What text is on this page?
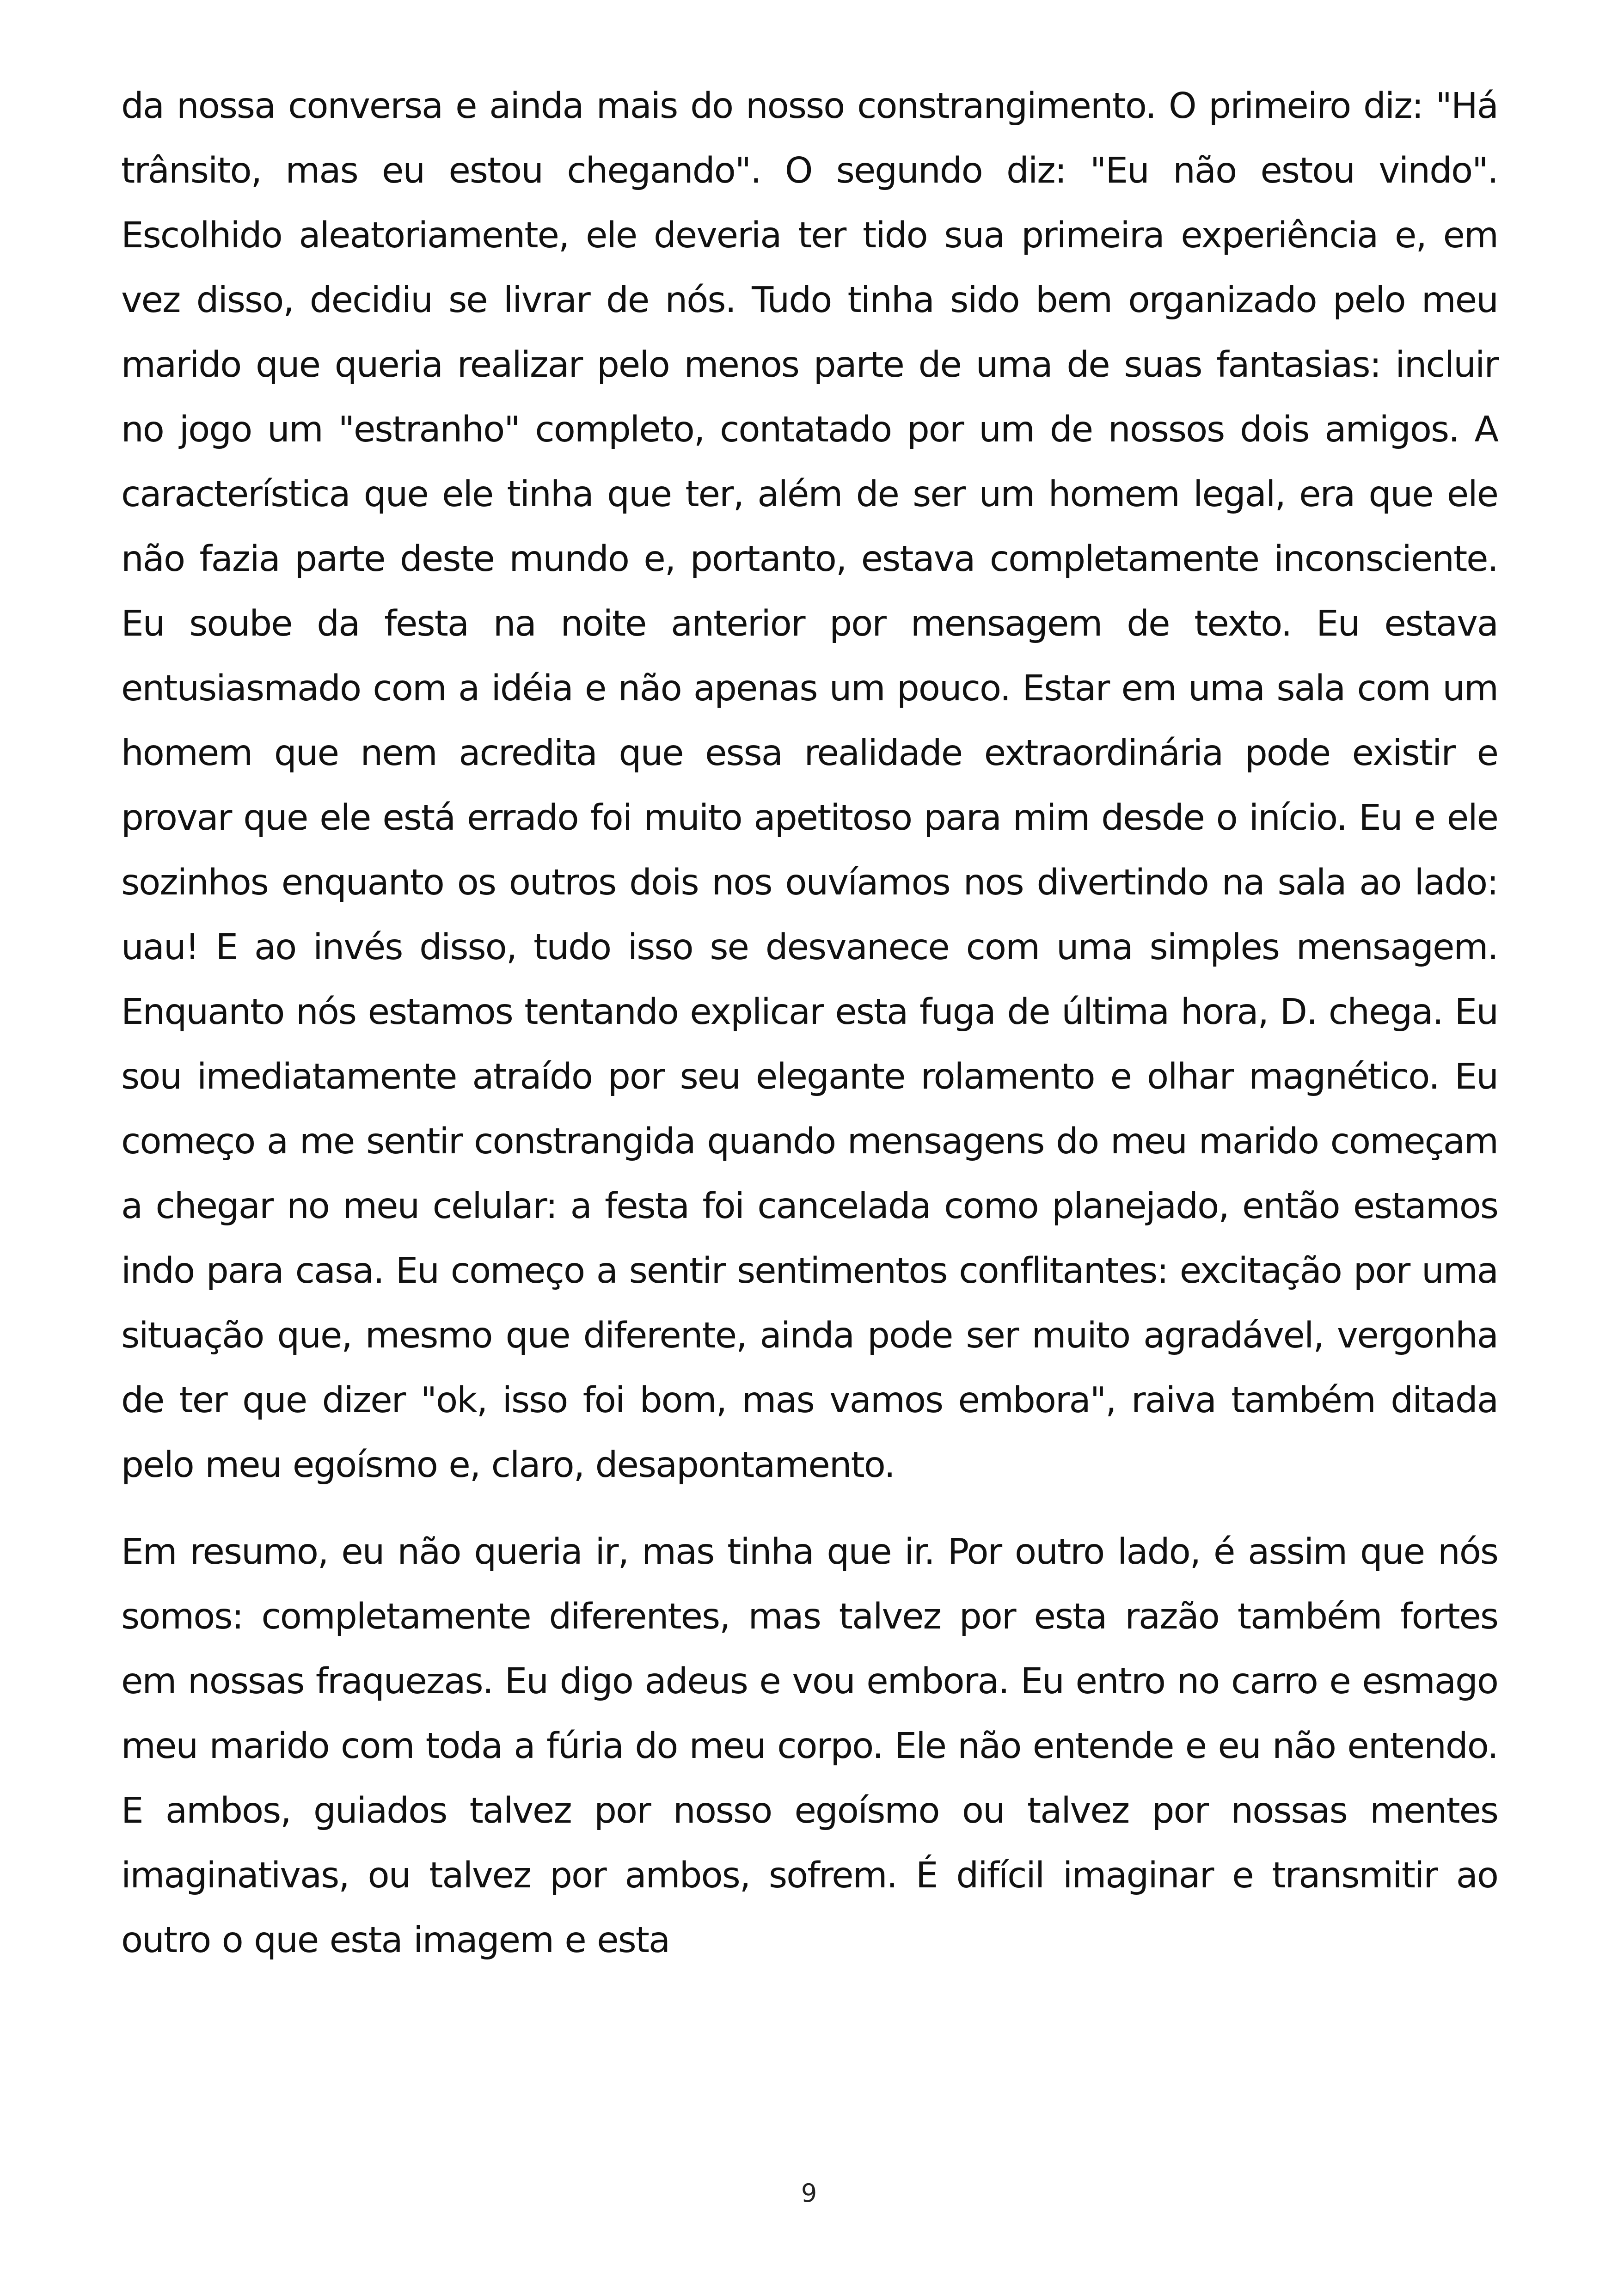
da nossa conversa e ainda mais do nosso constrangimento. O primeiro diz: "Há trânsito, mas eu estou chegando". O segundo diz: "Eu não estou vindo". Escolhido aleatoriamente, ele deveria ter tido sua primeira experiência e, em vez disso, decidiu se livrar de nós. Tudo tinha sido bem organizado pelo meu marido que queria realizar pelo menos parte de uma de suas fantasias: incluir no jogo um "estranho" completo, contatado por um de nossos dois amigos. A característica que ele tinha que ter, além de ser um homem legal, era que ele não fazia parte deste mundo e, portanto, estava completamente inconsciente. Eu soube da festa na noite anterior por mensagem de texto. Eu estava entusiasmado com a idéia e não apenas um pouco. Estar em uma sala com um homem que nem acredita que essa realidade extraordinária pode existir e provar que ele está errado foi muito apetitoso para mim desde o início. Eu e ele sozinhos enquanto os outros dois nos ouvíamos nos divertindo na sala ao lado: uau! E ao invés disso, tudo isso se desvanece com uma simples mensagem. Enquanto nós estamos tentando explicar esta fuga de última hora, D. chega. Eu sou imediatamente atraído por seu elegante rolamento e olhar magnético. Eu começo a me sentir constrangida quando mensagens do meu marido começam a chegar no meu celular: a festa foi cancelada como planejado, então estamos indo para casa. Eu começo a sentir sentimentos conflitantes: excitação por uma situação que, mesmo que diferente, ainda pode ser muito agradável, vergonha de ter que dizer "ok, isso foi bom, mas vamos embora", raiva também ditada pelo meu egoísmo e, claro, desapontamento.

Em resumo, eu não queria ir, mas tinha que ir. Por outro lado, é assim que nós somos: completamente diferentes, mas talvez por esta razão também fortes em nossas fraquezas. Eu digo adeus e vou embora. Eu entro no carro e esmago meu marido com toda a fúria do meu corpo. Ele não entende e eu não entendo. E ambos, guiados talvez por nosso egoísmo ou talvez por nossas mentes imaginativas, ou talvez por ambos, sofrem. É difícil imaginar e transmitir ao outro o que esta imagem e esta

9
